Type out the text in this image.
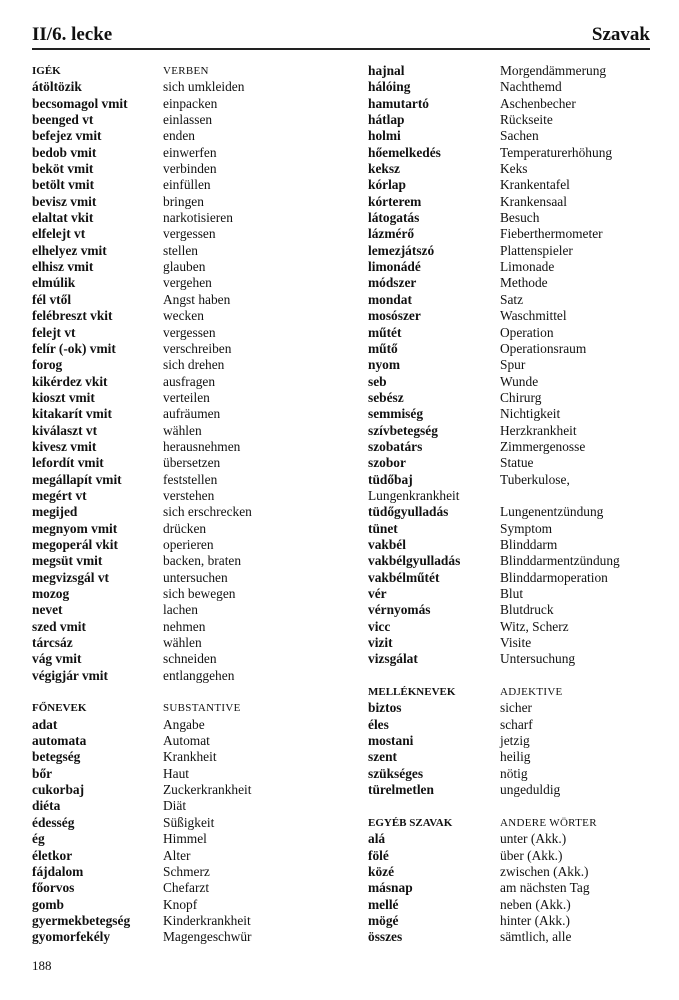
II/6. lecke	Szavak
IGÉK	VERBEN
átöltözik	sich umkleiden
becsomagol vmit	einpacken
beenged vt	einlassen
befejez vmit	enden
bedob vmit	einwerfen
beköt vmit	verbinden
betölt vmit	einfüllen
bevisz vmit	bringen
elaltat vkit	narkotisieren
elfelejt vt	vergessen
elhelyez vmit	stellen
elhisz vmit	glauben
elmúlik	vergehen
fél vtől	Angst haben
felébreszt vkit	wecken
felejt vt	vergessen
felír (-ok) vmit	verschreiben
forog	sich drehen
kikérdez vkit	ausfragen
kioszt vmit	verteilen
kitakarít vmit	aufräumen
kiválaszt vt	wählen
kivesz vmit	herausnehmen
lefordít vmit	übersetzen
megállapít vmit	feststellen
megért vt	verstehen
megijed	sich erschrecken
megnyom vmit	drücken
megoperál vkit	operieren
megsüt vmit	backen, braten
megvizsgál vt	untersuchen
mozog	sich bewegen
nevet	lachen
szed vmit	nehmen
tárcsáz	wählen
vág vmit	schneiden
végigjár vmit	entlanggehen
FŐNEVEK	SUBSTANTIVE
adat	Angabe
automata	Automat
betegség	Krankheit
bőr	Haut
cukorbaj	Zuckerkrankheit
diéta	Diät
édesség	Süßigkeit
ég	Himmel
életkor	Alter
fájdalom	Schmerz
főorvos	Chefarzt
gomb	Knopf
gyermekbetegség Kinderkrankheit
gyomorfekély	Magengeschwür
hajnal	Morgendämmerung
hálóing	Nachthemd
hamutartó	Aschenbecher
hátlap	Rückseite
holmi	Sachen
hőemelkedés	Temperaturerhöhung
keksz	Keks
kórlap	Krankentafel
kórterem	Krankensaal
látogatás	Besuch
lázmérő	Fieberthermometer
lemezjátszó	Plattenspieler
limonádé	Limonade
módszer	Methode
mondat	Satz
mosószer	Waschmittel
műtét	Operation
műtő	Operationsraum
nyom	Spur
seb	Wunde
sebész	Chirurg
semmiség	Nichtigkeit
szívbetegség	Herzkrankheit
szobatárs	Zimmergenosse
szobor	Statue
tüdőbaj	Tuberkulose,
Lungenkrankheit
tüdőgyulladás	Lungenentzündung
tünet	Symptom
vakbél	Blinddarm
vakbélgyulladás	Blinddarmentzündung
vakbélműtét	Blinddarmoperation
vér	Blut
vérnyomás	Blutdruck
vicc	Witz, Scherz
vizit	Visite
vizsgálat	Untersuchung
MELLÉKNEVEK	ADJEKTIVE
biztos	sicher
éles	scharf
mostani	jetzig
szent	heilig
szükséges	nötig
türelmetlen	ungeduldig
EGYÉB SZAVAK	ANDERE WÖRTER
alá	unter (Akk.)
fölé	über (Akk.)
közé	zwischen (Akk.)
másnap	am nächsten Tag
mellé	neben (Akk.)
mögé	hinter (Akk.)
összes	sämtlich, alle
188
